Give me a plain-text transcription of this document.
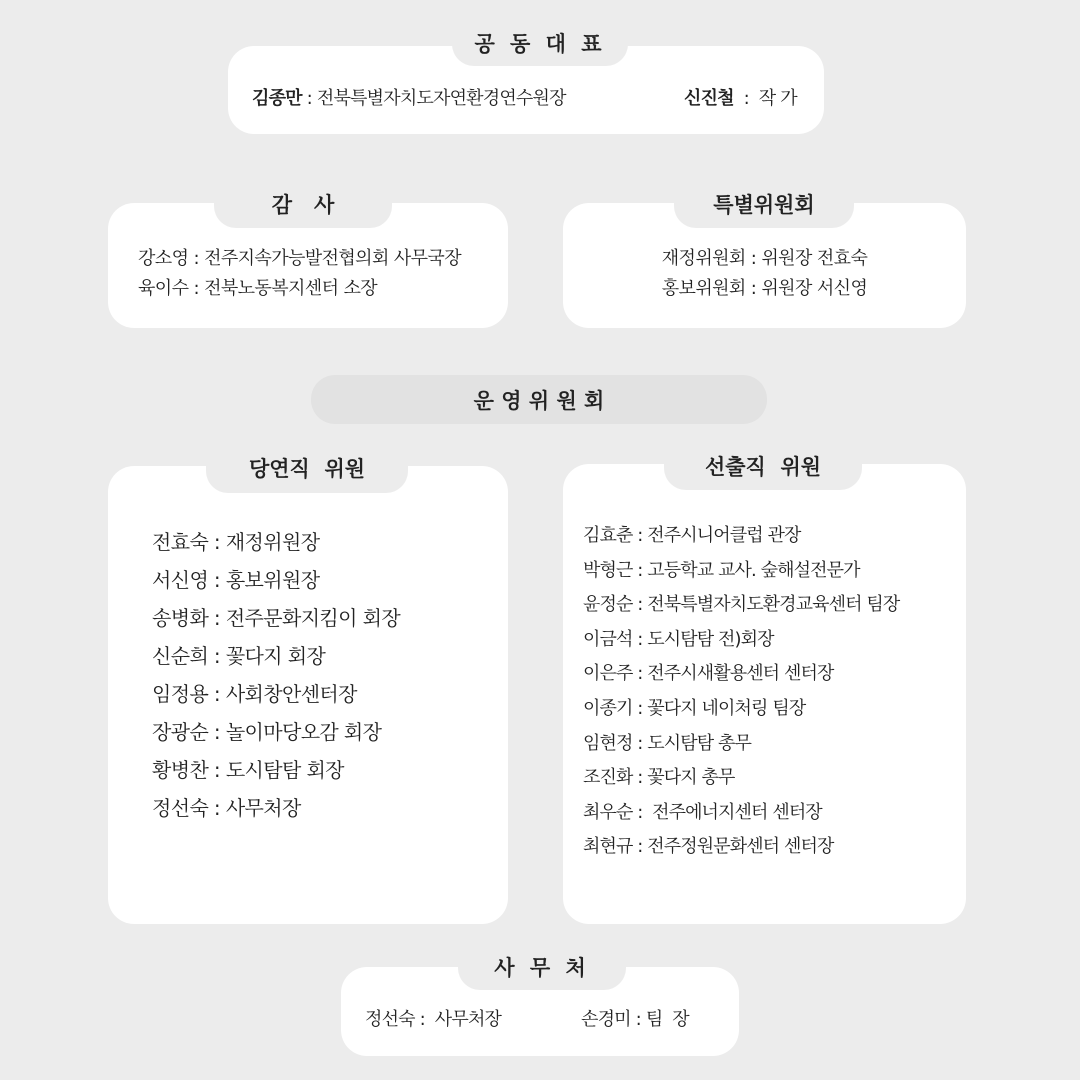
김종만 : 전북특별자치도자연환경연수원장	신진철  :  작 가
공 동 대 표
강소영 : 전주지속가능발전협의회 사무국장
육이수 : 전북노동복지센터 소장
감   사
재정위원회 : 위원장 전효숙
홍보위원회 : 위원장 서신영
특별위원회
운 영 위 원 회
전효숙 : 재정위원장
서신영 : 홍보위원장
송병화 : 전주문화지킴이 회장
신순희 : 꽃다지 회장
임정용 : 사회창안센터장
장광순 : 놀이마당오감 회장
황병찬 : 도시탐탐 회장
정선숙 : 사무처장
당연직  위원
김효춘 : 전주시니어클럽 관장
박형근 : 고등학교 교사. 숲해설전문가
윤정순 : 전북특별자치도환경교육센터 팀장
이금석 : 도시탐탐 전)회장
이은주 : 전주시새활용센터 센터장
이종기 : 꽃다지 네이처링 팀장
임현정 : 도시탐탐 총무
조진화 : 꽃다지 총무
최우순 :  전주에너지센터 센터장
최현규 : 전주정원문화센터 센터장
선출직  위원
정선숙 :  사무처장	손경미 : 팀  장
사 무 처
